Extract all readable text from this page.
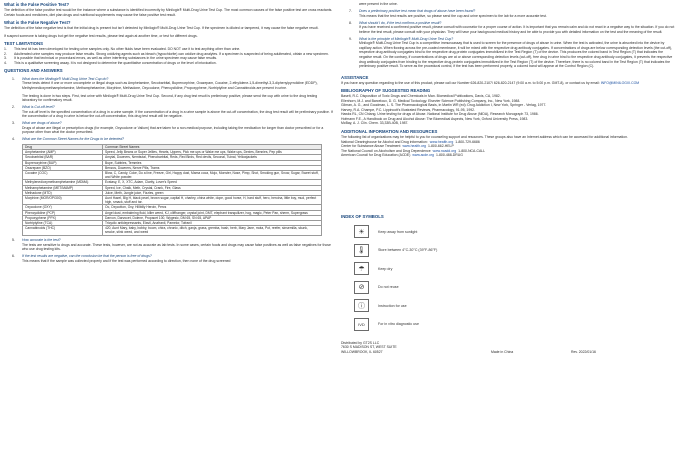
What is the False Positive Test?

The definition of the false positive test would be the instance where a substance is identified incorrectly by Minilogix® Multi-Drug Urine Test Cup. The most common causes of the false positive test are cross reactants. Certain foods and medicines, diet plan drugs and nutritional supplements may cause the false positive test result.

What is the False Negative Test?

The definition of the false negative test is that the initial drug is present but isn't detected by Minilogix® Multi-Drug Urine Test Cup. If the specimen is diluted or tampered, it may cause the false negative result.

If suspect someone is taking drugs but get the negative test results, please test again at another time, or test for different drugs.

TEST LIMITATIONS
1.	This test kit has been developed for testing urine samples only. No other fluids have been evaluated. DO NOT use it to test anything other than urine.
2.	Adulterated urine samples may produce false results. Strong oxidizing agents such as bleach (hypochlorite) can oxidize drug analytes. If a specimen is suspected of being adulterated, obtain a new specimen.
3.	It is possible that technical or procedural errors, as well as other interfering substances in the urine specimen may cause false results.
4.	This is a qualitative screening assay. It is not designed to determine the quantitative concentration of drugs or the level of intoxication.
QUESTIONS AND ANSWERS
1.	What does the Minilogix® Multi-Drug Urine Test Cup do?

These tests detect if one or more uncomplete or illegal drugs such as Amphetamine, Secobarbital, Buprenorphine, Oxazepam, Cocaine, 2-ethylidene-1,5-dimethyl-3,3-diphenylpyrrolidine (EDDP), Methylenedioxymethamphetamine, Methamphetamine, Morphine, Methadone, Oxycodone, Phencyclidine, Propoxyphene, Nortriptyline and Cannabinoids are present in urine.

The testing is done in two steps. First, test urine with Minilogix® Multi-Drug Urine Test Cup. Second, if any drug test result is preliminary positive, please send the cup with urine to the drug testing laboratory for confirmatory result.

2.	What is Cut-off level?

The cut-off level is the specified concentration of a drug in a urine sample. If the concentration of a drug in a urine sample is above the cut-off concentration, the drug test result will be preliminary positive. If the concentration of a drug in urine is below the cut-off concentration, this drug test result will be negative.

3.	What are drugs of abuse?

Drugs of abuse are illegal or prescription drugs (for example, Oxycodone or Valium) that are taken for a non-medical purpose, including taking the medication for longer than doctor prescribed or for a purpose other than what the doctor prescribed.

4.	What are the Common Street Names for the Drugs to be detected?

Drug	Common Street Names
Amphetamine (AMP)	Speed, Jelly Beans or Super Jellies, Hearts, Uppers, Pick me ups or Wake me ups, Wake ups, Dexies, Bennies, Pep pills
Secobarbital (BAR)	Amytal, Downers, Nembutal, Phenobarbital, Reds, Red Birds, Red devils, Seconal, Tuinal, Yellowjackets
Buprenorphine (BUP)	Bupe, Subbies, Temmies
Oxazepam (BZO)	Benzos, Downers, Nerve Pills, Trams
Cocaine (COC)	Blow, C, Candy, Coke, Do a line, Freeze, Girl, Happy dust, Mama coca, Mojo, Monster, Nose, Pimp, Shot, Smoking gun, Snow, Sugar, Sweet stuff, and White powder.
Methylenedioxymethamphetamine (MDMA)	Ecstasy, E, X, XTC, Adam, Clarity, Lover's Speed
Methamphetamine (MET/MAMP)	Speed, Ice, Chalk, Meth, Crystal, Crank, Fire, Glass
Methadone (MTD)	Juice, Meth, Jungle juice, Fizzies, green
Morphine (MOR/OPI300)	Aunt Hazel, Big H, black pearl, brown sugar, capital H, charley, china white, dope, good horse, H, hard stuff, hero, heroina, little boy, mud, perfect high, smack, stuff and tar.
Oxycodone (OXY)	Oc, Oxycotton, Oxy, Hillbilly Heroin, Percs
Phencyclidine (PCP)	Angel dust, embalming fluid, killer weed, KJ, cliffhanger, crystal joint, DMT, elephant tranquilizer, hog, magic, Peter Pan, sherm, Supergrass
Propoxyphene (PPX)	Darvon, Darvocet, Dolene, Propacet 100, Wygesic, DM 65, SN 65, APAP
Nortriptyline (TCA)	Tricyclic antidepressants, Elavil, Anafranil, Pamelor, Tofranil
Cannabinoids (THC)	420, Aunt Mary, baby, bobby, boom, chira, chronic, ditch, ganja, grass, gremba, hash, herb, Mary Jane, mota, Pot, reefer, sinsemilla, skunk, smoke, stink weed, and weed
5.	How accurate is the test?

The tests are sensitive to drugs and accurate. These tests, however, are not as accurate as lab tests. In some cases, certain foods and drugs may cause false positives as well as false negatives for those who use drug testing kits.

6.	If the test results are negative, can the conclusion be that the person is free of drugs?

This means that if the sample was collected properly and if the test was performed according to direction, then none of the drug screened

were present in the urine.

7.	Does a preliminary positive test mean that drugs of abuse have been found?

This means that the test results are positive, so please send the cup and urine specimen to the lab for a more accurate test.

8.	What should I do, if the test confirms a positive result?

If you have received a confirmed positive result, please consult with counselor for a proper course of action. It is important that you remain calm and do not react in a negative way to the situation. If you do not believe the test result, please consult with your physician. They will have your background medical history and be able to provide you with detailed information on the test and the meaning of the result.

9.	What is the principle of Minilogix® Multi-Drug Urine Test Cup?

Minilogix® Multi-Drug Urine Test Cup is a competitive immunoassay that is used to screen for the presence of drugs of abuse in urine. When the test is activated, the urine is absorbed into the device by capillary action. When flowing across the pre-coated membrane, it will be mixed with the respective drug antibody conjugates. If concentrations of drugs are below corresponding detection levels (the cut-off), respective drug antibody conjugates bind to the respective drug-protein conjugates immobilized in the Test Region (T) of the device. This produces the colored band in Test Region (T) that indicates the negative result. On the contrary, if concentrations of drugs are at or above corresponding detection levels (cut-off), free drug in urine bind to the respective drug antibody conjugates, it prevents the respective drug antibody conjugates from binding to the respective drug-protein conjugates immobilized in the Test Region (T) of the device. Therefore, there is no colored band in the Test Region (T) that indicates the preliminary positive result. To serve as the procedural control, if the test has been performed properly, a colored band will appear at the Control Region (C).

ASSISTANCE

If you have any question regarding to the use of this product, please call our Number 626-820-2107/ 626-820-2147 (9:00 a.m. to 5:00 p.m. GMT-8), or contact us by email: INFO@MINILOGIX.COM

BIBLIOGRAPHY OF SUGGESTED READING

Baselt, R.C. Disposition of Toxic Drugs and Chemicals in Man. Biomedical Publications, Davis, CA, 1982.

Ellenhorn, M.J. and Barceloux, D. G. Medical Toxicology. Elsevier Science Publishing Company, Inc., New York, 1988.

Gilman, A. G., and Goodman, L. S. The Pharmacological Basis, in Martin WR (ed): Drug Addiction I, New York, Springer - Verlag, 1977.

Harvey, R.A. Champe, P.C. Lippincott's Illustrated Reviews, Pharmacology, 91-95, 1992.

Hawks RL, CN Chiang. Urine testing for drugs of Abuse. National Institute for Drug Abuse (NIDA), Research Monograph 73, 1986.

Hofmann F.E., A Handbook on Drug and Alcohol Abuse: The Biomedical Aspects, New York, Oxford University Press, 1983.

McBay, A. J. Clin. Chem. 33,33B-40B, 1987.

ADDITIONAL INFORMATION AND RESOURCES

The following list of organizations may be helpful to you for counseling support and resources. These groups also have an Internet address which can be accessed for additional information.

National Clearinghouse for Alcohol and Drug information: www.health.org 1-800-729-6686

Center for Substance Abuse Treatment www.health.org 1-800-662-HELP

The National Council on Alcoholism and Drug Dependence www.ncadd.org 1-800-NCA-CALL

American Council for Drug Education (ACDE) www.acde.org 1-800-488-DRUG

INDEX OF SYMBOLS
☀	Keep away from sunlight
🌡	Store between 4°C-30°C (39°F-86°F)
☂	Keep dry
⊘	Do not reuse
ⓘ	Instruction for use
IVD	For in vitro diagnostic use

Distributed by GT2S LLC

7630 S MADISON ST, WEST SUITE

WILLOWBROOK, IL 60527	Made in China	Rev. 2022/01/16
